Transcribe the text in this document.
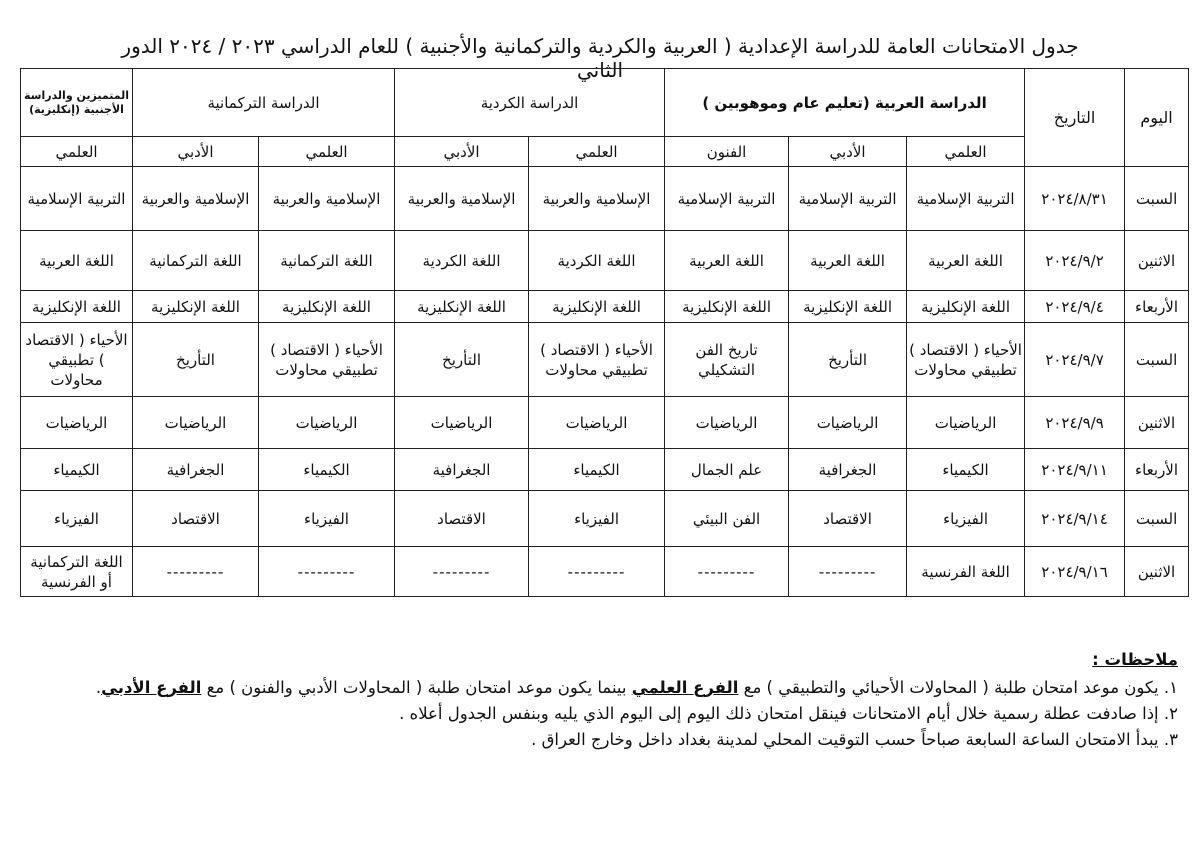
جدول الامتحانات العامة للدراسة الإعدادية ( العربية والكردية والتركمانية والأجنبية ) للعام الدراسي ٢٠٢٣ / ٢٠٢٤ الدور الثاني
اليوم	التاريخ	الدراسة العربية (تعليم عام وموهوبين )			الدراسة الكردية		الدراسة التركمانية		المتميزين والدراسة الأجنبية (إنكليزية)
		العلمي	الأدبي	الفنون	العلمي	الأدبي	العلمي	الأدبي	العلمي
السبت	٢٠٢٤/٨/٣١	التربية الإسلامية	التربية الإسلامية	التربية الإسلامية	الإسلامية والعربية	الإسلامية والعربية	الإسلامية والعربية	الإسلامية والعربية	التربية الإسلامية
الاثنين	٢٠٢٤/٩/٢	اللغة العربية	اللغة العربية	اللغة العربية	اللغة الكردية	اللغة الكردية	اللغة التركمانية	اللغة التركمانية	اللغة العربية
الأربعاء	٢٠٢٤/٩/٤	اللغة الإنكليزية	اللغة الإنكليزية	اللغة الإنكليزية	اللغة الإنكليزية	اللغة الإنكليزية	اللغة الإنكليزية	اللغة الإنكليزية	اللغة الإنكليزية
السبت	٢٠٢٤/٩/٧	الأحياء ( الاقتصاد ) تطبيقي محاولات	التأريخ	تاريخ الفن التشكيلي	الأحياء ( الاقتصاد ) تطبيقي محاولات	التأريخ	الأحياء ( الاقتصاد ) تطبيقي محاولات	التأريخ	الأحياء ( الاقتصاد ) تطبيقي محاولات
الاثنين	٢٠٢٤/٩/٩	الرياضيات	الرياضيات	الرياضيات	الرياضيات	الرياضيات	الرياضيات	الرياضيات	الرياضيات
الأربعاء	٢٠٢٤/٩/١١	الكيمياء	الجغرافية	علم الجمال	الكيمياء	الجغرافية	الكيمياء	الجغرافية	الكيمياء
السبت	٢٠٢٤/٩/١٤	الفيزياء	الاقتصاد	الفن البيئي	الفيزياء	الاقتصاد	الفيزياء	الاقتصاد	الفيزياء
الاثنين	٢٠٢٤/٩/١٦	اللغة الفرنسية	---------	---------	---------	---------	---------	---------	اللغة التركمانية أو الفرنسية
ملاحظات :
١. يكون موعد امتحان طلبة ( المحاولات الأحيائي والتطبيقي ) مع الفرع العلمي بينما يكون موعد امتحان طلبة ( المحاولات الأدبي والفنون ) مع الفرع الأدبي.
٢. إذا صادفت عطلة رسمية خلال أيام الامتحانات فينقل امتحان ذلك اليوم إلى اليوم الذي يليه وبنفس الجدول أعلاه .
٣. يبدأ الامتحان الساعة السابعة صباحاً حسب التوقيت المحلي لمدينة بغداد داخل وخارج العراق .
